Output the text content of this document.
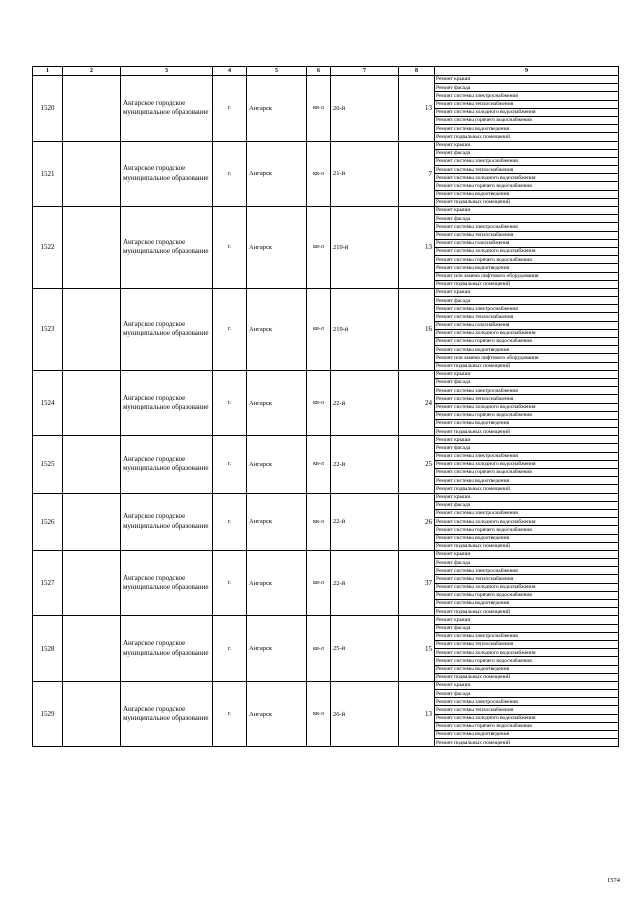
1	2	3	4	5	6	7	8	9
1520		Ангарское городское муниципальное образование	г.	Ангарск	кв-л	20-й	13	Ремонт крыши
								Ремонт фасада
								Ремонт системы электроснабжения
								Ремонт системы теплоснабжения
								Ремонт системы холодного водоснабжения
								Ремонт системы горячего водоснабжения
								Ремонт системы водоотведения
								Ремонт подвальных помещений
1521		Ангарское городское муниципальное образование	г.	Ангарск	кв-л	21-й	7	Ремонт крыши
								Ремонт фасада
								Ремонт системы электроснабжения
								Ремонт системы теплоснабжения
								Ремонт системы холодного водоснабжения
								Ремонт системы горячего водоснабжения
								Ремонт системы водоотведения
								Ремонт подвальных помещений
1522		Ангарское городское муниципальное образование	г.	Ангарск	кв-л	219-й	13	Ремонт крыши
								Ремонт фасада
								Ремонт системы электроснабжения
								Ремонт системы теплоснабжения
								Ремонт системы газоснабжения
								Ремонт системы холодного водоснабжения
								Ремонт системы горячего водоснабжения
								Ремонт системы водоотведения
								Ремонт или замена лифтового оборудования
								Ремонт подвальных помещений
1523		Ангарское городское муниципальное образование	г.	Ангарск	кв-л	219-й	16	Ремонт крыши
								Ремонт фасада
								Ремонт системы электроснабжения
								Ремонт системы теплоснабжения
								Ремонт системы газоснабжения
								Ремонт системы холодного водоснабжения
								Ремонт системы горячего водоснабжения
								Ремонт системы водоотведения
								Ремонт или замена лифтового оборудования
								Ремонт подвальных помещений
1524		Ангарское городское муниципальное образование	г.	Ангарск	кв-л	22-й	24	Ремонт крыши
								Ремонт фасада
								Ремонт системы электроснабжения
								Ремонт системы теплоснабжения
								Ремонт системы холодного водоснабжения
								Ремонт системы горячего водоснабжения
								Ремонт системы водоотведения
								Ремонт подвальных помещений
1525		Ангарское городское муниципальное образование	г.	Ангарск	кв-л	22-й	25	Ремонт крыши
								Ремонт фасада
								Ремонт системы электроснабжения
								Ремонт системы холодного водоснабжения
								Ремонт системы горячего водоснабжения
								Ремонт системы водоотведения
								Ремонт подвальных помещений
1526		Ангарское городское муниципальное образование	г.	Ангарск	кв-л	22-й	26	Ремонт крыши
								Ремонт фасада
								Ремонт системы электроснабжения
								Ремонт системы холодного водоснабжения
								Ремонт системы горячего водоснабжения
								Ремонт системы водоотведения
								Ремонт подвальных помещений
1527		Ангарское городское муниципальное образование	г.	Ангарск	кв-л	22-й	37	Ремонт крыши
								Ремонт фасада
								Ремонт системы электроснабжения
								Ремонт системы теплоснабжения
								Ремонт системы холодного водоснабжения
								Ремонт системы горячего водоснабжения
								Ремонт системы водоотведения
								Ремонт подвальных помещений
1528		Ангарское городское муниципальное образование	г.	Ангарск	кв-л	25-й	15	Ремонт крыши
								Ремонт фасада
								Ремонт системы электроснабжения
								Ремонт системы теплоснабжения
								Ремонт системы холодного водоснабжения
								Ремонт системы горячего водоснабжения
								Ремонт системы водоотведения
								Ремонт подвальных помещений
1529		Ангарское городское муниципальное образование	г.	Ангарск	кв-л	26-й	13	Ремонт крыши
								Ремонт фасада
								Ремонт системы электроснабжения
								Ремонт системы теплоснабжения
								Ремонт системы холодного водоснабжения
								Ремонт системы горячего водоснабжения
								Ремонт системы водоотведения
								Ремонт подвальных помещений
1574
